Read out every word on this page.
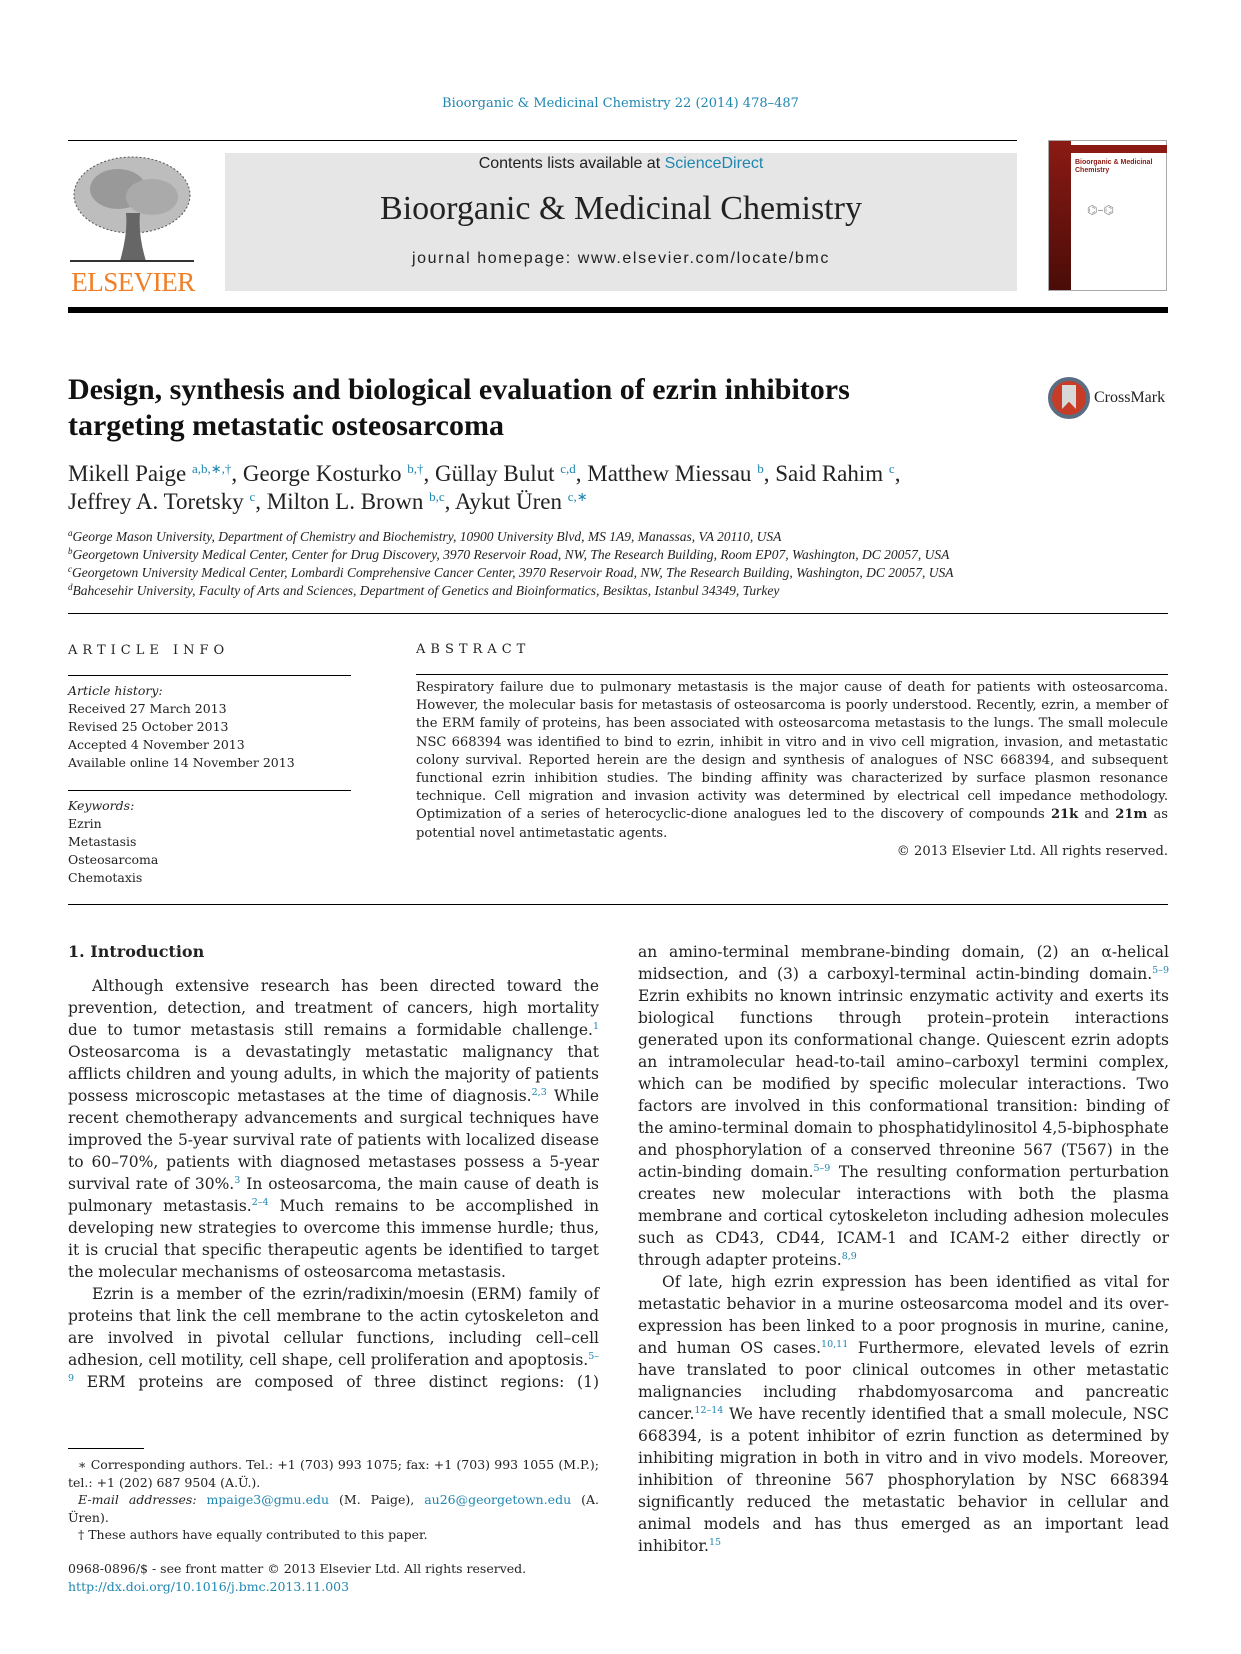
Bioorganic & Medicinal Chemistry 22 (2014) 478–487
ELSEVIER
Contents lists available at ScienceDirect
Bioorganic & Medicinal Chemistry
journal homepage: www.elsevier.com/locate/bmc
Bioorganic & Medicinal Chemistry
⌬–⌬
Design, synthesis and biological evaluation of ezrin inhibitors targeting metastatic osteosarcoma
CrossMark
Mikell Paige $^{a,b,∗,\dagger}$, George Kosturko $^{b,\dagger}$, Güllay Bulut $^{c,d}$, Matthew Miessau $^b$, Said Rahim $^c$,
Jeffrey A. Toretsky $^c$, Milton L. Brown $^{b,c}$, Aykut Üren $^{c,∗}$
$^a$George Mason University, Department of Chemistry and Biochemistry, 10900 University Blvd, MS 1A9, Manassas, VA 20110, USA
$^b$Georgetown University Medical Center, Center for Drug Discovery, 3970 Reservoir Road, NW, The Research Building, Room EP07, Washington, DC 20057, USA
$^c$Georgetown University Medical Center, Lombardi Comprehensive Cancer Center, 3970 Reservoir Road, NW, The Research Building, Washington, DC 20057, USA
$^d$Bahcesehir University, Faculty of Arts and Sciences, Department of Genetics and Bioinformatics, Besiktas, Istanbul 34349, Turkey
ARTICLE INFO
Article history:
Received 27 March 2013
Revised 25 October 2013
Accepted 4 November 2013
Available online 14 November 2013
Keywords:
Ezrin
Metastasis
Osteosarcoma
Chemotaxis
ABSTRACT

Respiratory failure due to pulmonary metastasis is the major cause of death for patients with osteosarcoma. However, the molecular basis for metastasis of osteosarcoma is poorly understood. Recently, ezrin, a member of the ERM family of proteins, has been associated with osteosarcoma metastasis to the lungs. The small molecule NSC 668394 was identified to bind to ezrin, inhibit in vitro and in vivo cell migration, invasion, and metastatic colony survival. Reported herein are the design and synthesis of analogues of NSC 668394, and subsequent functional ezrin inhibition studies. The binding affinity was characterized by surface plasmon resonance technique. Cell migration and invasion activity was determined by electrical cell impedance methodology. Optimization of a series of heterocyclic-dione analogues led to the discovery of compounds 21k and 21m as potential novel antimetastatic agents.

© 2013 Elsevier Ltd. All rights reserved.
1. Introduction

Although extensive research has been directed toward the prevention, detection, and treatment of cancers, high mortality due to tumor metastasis still remains a formidable challenge.$^1$ Osteosarcoma is a devastatingly metastatic malignancy that afflicts children and young adults, in which the majority of patients possess microscopic metastases at the time of diagnosis.$^{2,3}$ While recent chemotherapy advancements and surgical techniques have improved the 5-year survival rate of patients with localized disease to 60–70%, patients with diagnosed metastases possess a 5-year survival rate of 30%.$^3$ In osteosarcoma, the main cause of death is pulmonary metastasis.$^{2-4}$ Much remains to be accomplished in developing new strategies to overcome this immense hurdle; thus, it is crucial that specific therapeutic agents be identified to target the molecular mechanisms of osteosarcoma metastasis.

Ezrin is a member of the ezrin/radixin/moesin (ERM) family of proteins that link the cell membrane to the actin cytoskeleton and are involved in pivotal cellular functions, including cell–cell adhesion, cell motility, cell shape, cell proliferation and apoptosis.$^{5-9}$ ERM proteins are composed of three distinct regions: (1)

an amino-terminal membrane-binding domain, (2) an α-helical midsection, and (3) a carboxyl-terminal actin-binding domain.$^{5-9}$ Ezrin exhibits no known intrinsic enzymatic activity and exerts its biological functions through protein–protein interactions generated upon its conformational change. Quiescent ezrin adopts an intramolecular head-to-tail amino–carboxyl termini complex, which can be modified by specific molecular interactions. Two factors are involved in this conformational transition: binding of the amino-terminal domain to phosphatidylinositol 4,5-biphosphate and phosphorylation of a conserved threonine 567 (T567) in the actin-binding domain.$^{5-9}$ The resulting conformation perturbation creates new molecular interactions with both the plasma membrane and cortical cytoskeleton including adhesion molecules such as CD43, CD44, ICAM-1 and ICAM-2 either directly or through adapter proteins.$^{8,9}$

Of late, high ezrin expression has been identified as vital for metastatic behavior in a murine osteosarcoma model and its over-expression has been linked to a poor prognosis in murine, canine, and human OS cases.$^{10,11}$ Furthermore, elevated levels of ezrin have translated to poor clinical outcomes in other metastatic malignancies including rhabdomyosarcoma and pancreatic cancer.$^{12-14}$ We have recently identified that a small molecule, NSC 668394, is a potent inhibitor of ezrin function as determined by inhibiting migration in both in vitro and in vivo models. Moreover, inhibition of threonine 567 phosphorylation by NSC 668394 significantly reduced the metastatic behavior in cellular and animal models and has thus emerged as an important lead inhibitor.$^{15}$

∗ Corresponding authors. Tel.: +1 (703) 993 1075; fax: +1 (703) 993 1055 (M.P.); tel.: +1 (202) 687 9504 (A.Ü.).
E-mail addresses: mpaige3@gmu.edu (M. Paige), au26@georgetown.edu (A. Üren).
† These authors have equally contributed to this paper.
0968-0896/$ - see front matter © 2013 Elsevier Ltd. All rights reserved.
http://dx.doi.org/10.1016/j.bmc.2013.11.003
